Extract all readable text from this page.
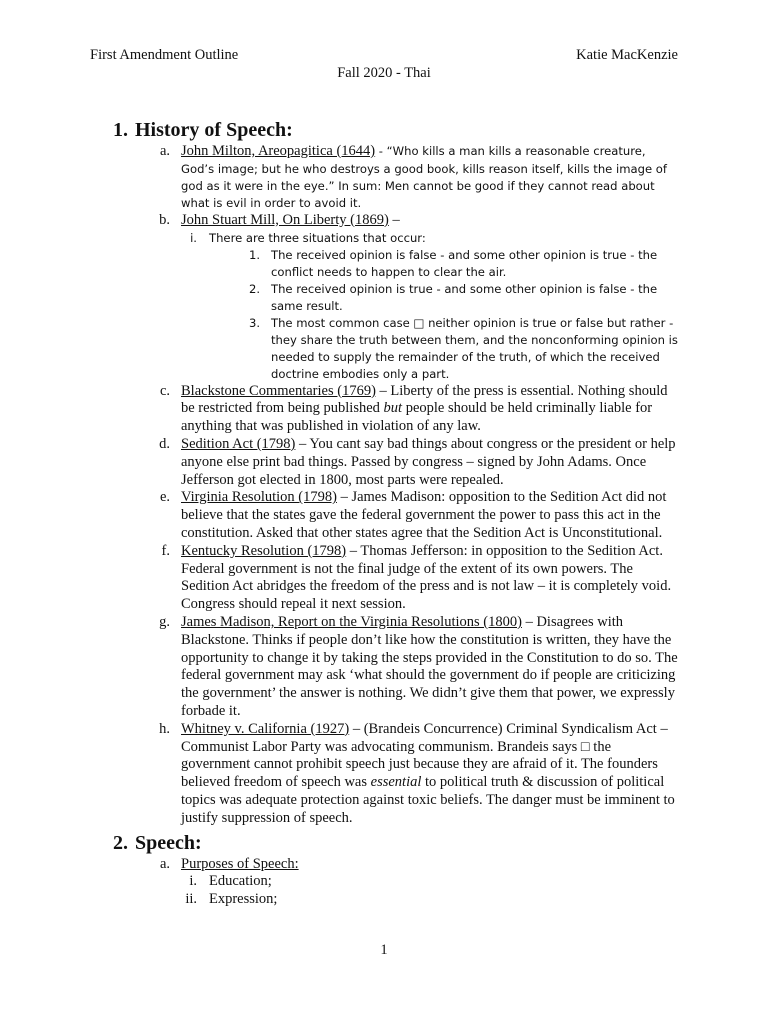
First Amendment Outline	Katie MacKenzie
Fall 2020 - Thai
1. History of Speech:
a. John Milton, Areopagitica (1644) - “Who kills a man kills a reasonable creature, God’s image; but he who destroys a good book, kills reason itself, kills the image of god as it were in the eye.” In sum: Men cannot be good if they cannot read about what is evil in order to avoid it.
b. John Stuart Mill, On Liberty (1869) –
i. There are three situations that occur:
1. The received opinion is false - and some other opinion is true - the conflict needs to happen to clear the air.
2. The received opinion is true - and some other opinion is false - the same result.
3. The most common case □ neither opinion is true or false but rather - they share the truth between them, and the nonconforming opinion is needed to supply the remainder of the truth, of which the received doctrine embodies only a part.
c. Blackstone Commentaries (1769) – Liberty of the press is essential. Nothing should be restricted from being published but people should be held criminally liable for anything that was published in violation of any law.
d. Sedition Act (1798) – You cant say bad things about congress or the president or help anyone else print bad things. Passed by congress – signed by John Adams. Once Jefferson got elected in 1800, most parts were repealed.
e. Virginia Resolution (1798) – James Madison: opposition to the Sedition Act did not believe that the states gave the federal government the power to pass this act in the constitution. Asked that other states agree that the Sedition Act is Unconstitutional.
f. Kentucky Resolution (1798) – Thomas Jefferson: in opposition to the Sedition Act. Federal government is not the final judge of the extent of its own powers. The Sedition Act abridges the freedom of the press and is not law – it is completely void. Congress should repeal it next session.
g. James Madison, Report on the Virginia Resolutions (1800) – Disagrees with Blackstone. Thinks if people don’t like how the constitution is written, they have the opportunity to change it by taking the steps provided in the Constitution to do so. The federal government may ask ‘what should the government do if people are criticizing the government’ the answer is nothing. We didn’t give them that power, we expressly forbade it.
h. Whitney v. California (1927) – (Brandeis Concurrence) Criminal Syndicalism Act – Communist Labor Party was advocating communism. Brandeis says □ the government cannot prohibit speech just because they are afraid of it. The founders believed freedom of speech was essential to political truth & discussion of political topics was adequate protection against toxic beliefs. The danger must be imminent to justify suppression of speech.
2. Speech:
a. Purposes of Speech:
i. Education;
ii. Expression;
1
